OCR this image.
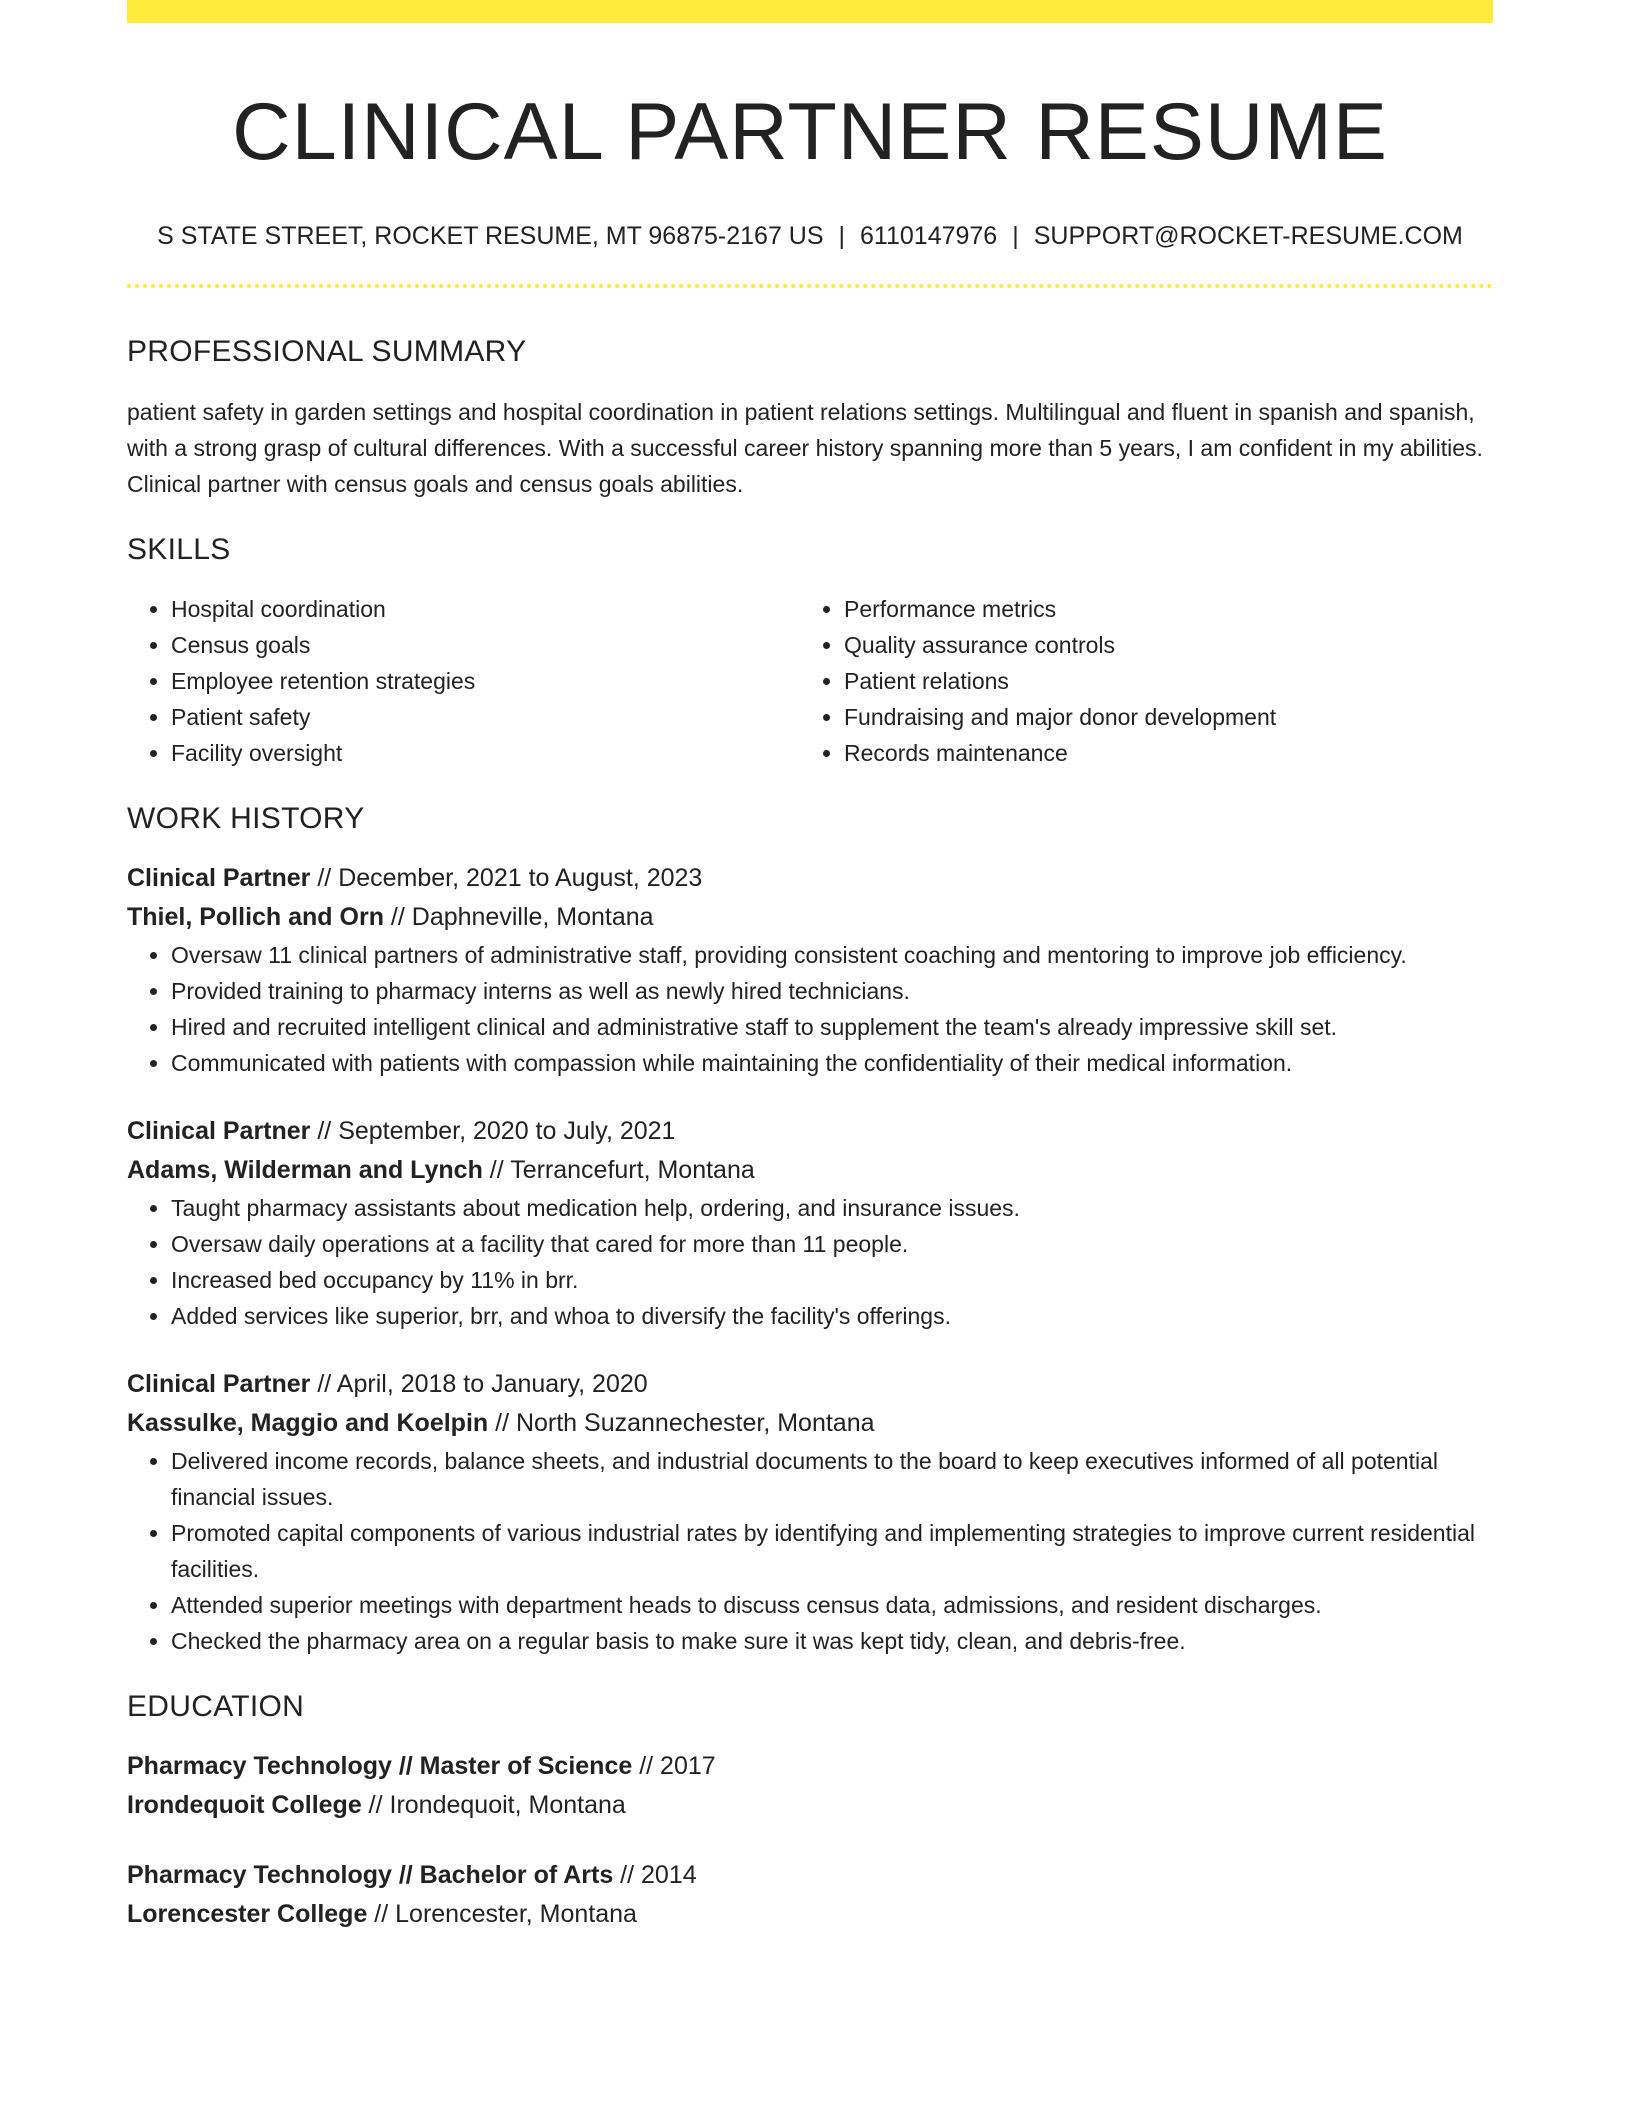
CLINICAL PARTNER RESUME
S STATE STREET, ROCKET RESUME, MT 96875-2167 US | 6110147976 | SUPPORT@ROCKET-RESUME.COM
PROFESSIONAL SUMMARY

patient safety in garden settings and hospital coordination in patient relations settings. Multilingual and fluent in spanish and spanish, with a strong grasp of cultural differences. With a successful career history spanning more than 5 years, I am confident in my abilities. Clinical partner with census goals and census goals abilities.

SKILLS
• Hospital coordination
• Census goals
• Employee retention strategies
• Patient safety
• Facility oversight
• Performance metrics
• Quality assurance controls
• Patient relations
• Fundraising and major donor development
• Records maintenance
WORK HISTORY
Clinical Partner // December, 2021 to August, 2023
Thiel, Pollich and Orn // Daphneville, Montana
• Oversaw 11 clinical partners of administrative staff, providing consistent coaching and mentoring to improve job efficiency.
• Provided training to pharmacy interns as well as newly hired technicians.
• Hired and recruited intelligent clinical and administrative staff to supplement the team's already impressive skill set.
• Communicated with patients with compassion while maintaining the confidentiality of their medical information.
Clinical Partner // September, 2020 to July, 2021
Adams, Wilderman and Lynch // Terrancefurt, Montana
• Taught pharmacy assistants about medication help, ordering, and insurance issues.
• Oversaw daily operations at a facility that cared for more than 11 people.
• Increased bed occupancy by 11% in brr.
• Added services like superior, brr, and whoa to diversify the facility's offerings.
Clinical Partner // April, 2018 to January, 2020
Kassulke, Maggio and Koelpin // North Suzannechester, Montana
• Delivered income records, balance sheets, and industrial documents to the board to keep executives informed of all potential financial issues.
• Promoted capital components of various industrial rates by identifying and implementing strategies to improve current residential facilities.
• Attended superior meetings with department heads to discuss census data, admissions, and resident discharges.
• Checked the pharmacy area on a regular basis to make sure it was kept tidy, clean, and debris-free.
EDUCATION
Pharmacy Technology // Master of Science // 2017
Irondequoit College // Irondequoit, Montana
Pharmacy Technology // Bachelor of Arts // 2014
Lorencester College // Lorencester, Montana
